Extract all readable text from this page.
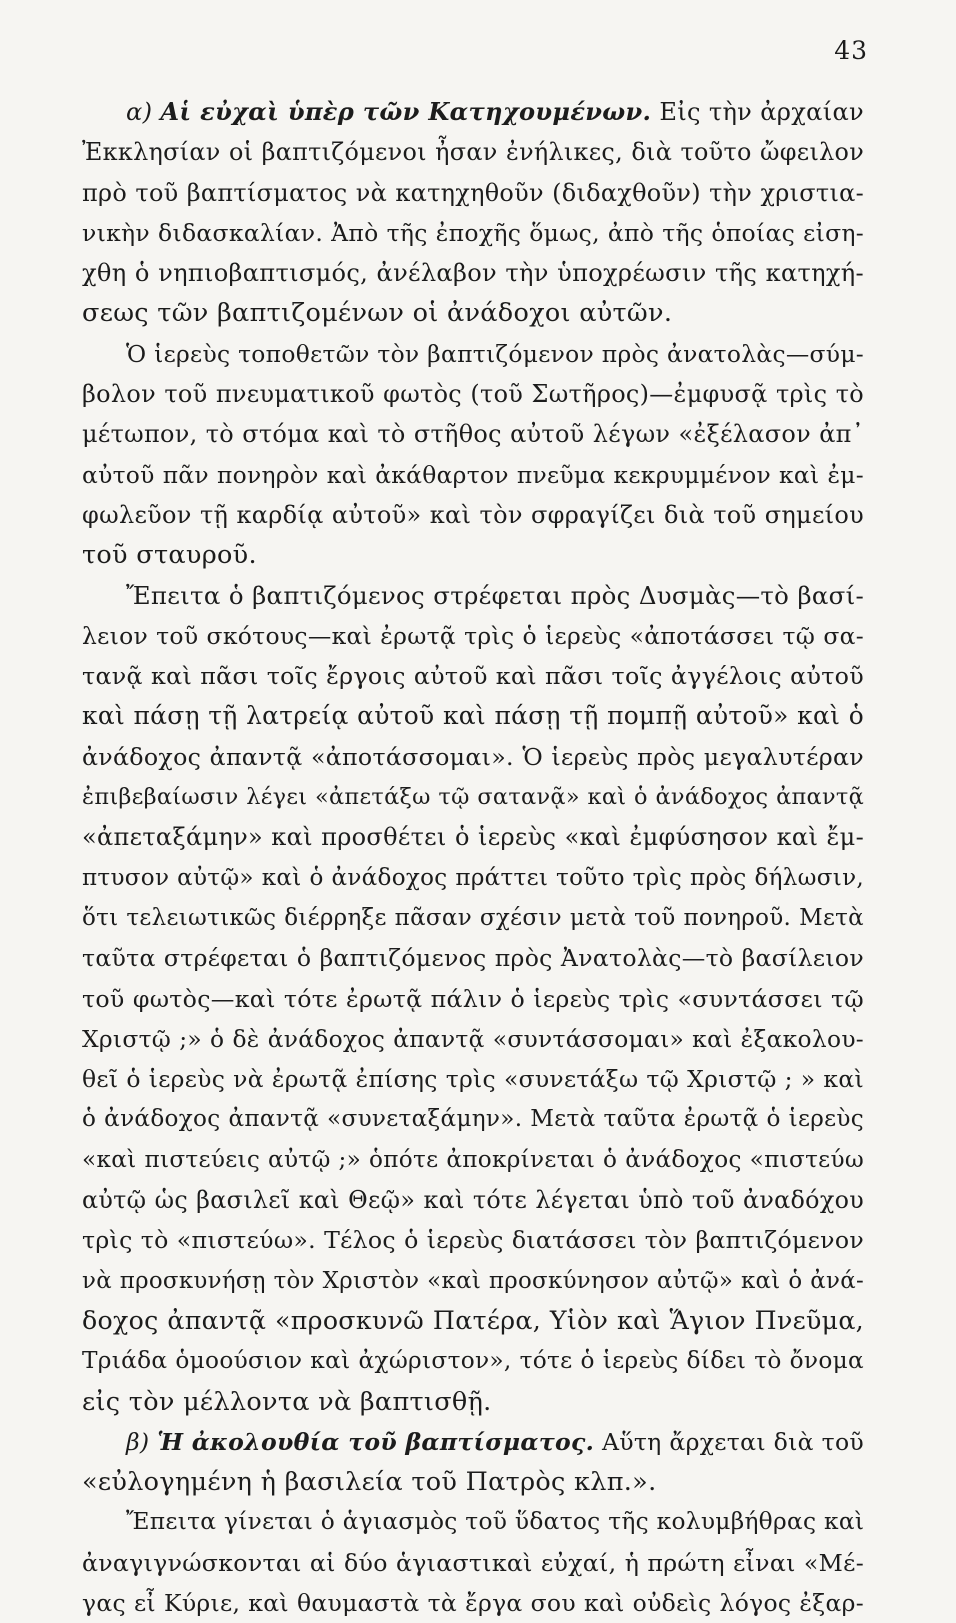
43
α) Αἱ εὐχαὶ ὑπὲρ τῶν Κατηχουμένων. Εἰς τὴν ἀρχαίαν
Ἐκκλησίαν οἱ βαπτιζόμενοι ἦσαν ἐνήλικες, διὰ τοῦτο ὤφειλον
πρὸ τοῦ βαπτίσματος νὰ κατηχηθοῦν (διδαχθοῦν) τὴν χριστια-
νικὴν διδασκαλίαν. Ἀπὸ τῆς ἐποχῆς ὅμως, ἀπὸ τῆς ὁποίας εἰση-
χθη ὁ νηπιοβαπτισμός, ἀνέλαβον τὴν ὑποχρέωσιν τῆς κατηχή-
σεως τῶν βαπτιζομένων οἱ ἀνάδοχοι αὐτῶν.
Ὁ ἱερεὺς τοποθετῶν τὸν βαπτιζόμενον πρὸς ἀνατολὰς—σύμ-
βολον τοῦ πνευματικοῦ φωτὸς (τοῦ Σωτῆρος)—ἐμφυσᾷ τρὶς τὸ
μέτωπον, τὸ στόμα καὶ τὸ στῆθος αὐτοῦ λέγων «ἐξέλασον ἀπ᾿
αὐτοῦ πᾶν πονηρὸν καὶ ἀκάθαρτον πνεῦμα κεκρυμμένον καὶ ἐμ-
φωλεῦον τῇ καρδίᾳ αὐτοῦ» καὶ τὸν σφραγίζει διὰ τοῦ σημείου
τοῦ σταυροῦ.
Ἔπειτα ὁ βαπτιζόμενος στρέφεται πρὸς Δυσμὰς—τὸ βασί-
λειον τοῦ σκότους—καὶ ἐρωτᾷ τρὶς ὁ ἱερεὺς «ἀποτάσσει τῷ σα-
τανᾷ καὶ πᾶσι τοῖς ἔργοις αὐτοῦ καὶ πᾶσι τοῖς ἀγγέλοις αὐτοῦ
καὶ πάσῃ τῇ λατρείᾳ αὐτοῦ καὶ πάσῃ τῇ πομπῇ αὐτοῦ» καὶ ὁ
ἀνάδοχος ἀπαντᾷ «ἀποτάσσομαι». Ὁ ἱερεὺς πρὸς μεγαλυτέραν
ἐπιβεβαίωσιν λέγει «ἀπετάξω τῷ σατανᾷ» καὶ ὁ ἀνάδοχος ἀπαντᾷ
«ἀπεταξάμην» καὶ προσθέτει ὁ ἱερεὺς «καὶ ἐμφύσησον καὶ ἔμ-
πτυσον αὐτῷ» καὶ ὁ ἀνάδοχος πράττει τοῦτο τρὶς πρὸς δήλωσιν,
ὅτι τελειωτικῶς διέρρηξε πᾶσαν σχέσιν μετὰ τοῦ πονηροῦ. Μετὰ
ταῦτα στρέφεται ὁ βαπτιζόμενος πρὸς Ἀνατολὰς—τὸ βασίλειον
τοῦ φωτὸς—καὶ τότε ἐρωτᾷ πάλιν ὁ ἱερεὺς τρὶς «συντάσσει τῷ
Χριστῷ ;» ὁ δὲ ἀνάδοχος ἀπαντᾷ «συντάσσομαι» καὶ ἐξακολου-
θεῖ ὁ ἱερεὺς νὰ ἐρωτᾷ ἐπίσης τρὶς «συνετάξω τῷ Χριστῷ ; » καὶ
ὁ ἀνάδοχος ἀπαντᾷ «συνεταξάμην». Μετὰ ταῦτα ἐρωτᾷ ὁ ἱερεὺς
«καὶ πιστεύεις αὐτῷ ;» ὁπότε ἀποκρίνεται ὁ ἀνάδοχος «πιστεύω
αὐτῷ ὡς βασιλεῖ καὶ Θεῷ» καὶ τότε λέγεται ὑπὸ τοῦ ἀναδόχου
τρὶς τὸ «πιστεύω». Τέλος ὁ ἱερεὺς διατάσσει τὸν βαπτιζόμενον
νὰ προσκυνήσῃ τὸν Χριστὸν «καὶ προσκύνησον αὐτῷ» καὶ ὁ ἀνά-
δοχος ἀπαντᾷ «προσκυνῶ Πατέρα, Υἱὸν καὶ Ἅγιον Πνεῦμα,
Τριάδα ὁμοούσιον καὶ ἀχώριστον», τότε ὁ ἱερεὺς δίδει τὸ ὄνομα
εἰς τὸν μέλλοντα νὰ βαπτισθῇ.
β) Ἡ ἀκολουθία τοῦ βαπτίσματος. Αὕτη ἄρχεται διὰ τοῦ
«εὐλογημένη ἡ βασιλεία τοῦ Πατρὸς κλπ.».
Ἔπειτα γίνεται ὁ ἁγιασμὸς τοῦ ὕδατος τῆς κολυμβήθρας καὶ
ἀναγιγνώσκονται αἱ δύο ἁγιαστικαὶ εὐχαί, ἡ πρώτη εἶναι «Μέ-
γας εἶ Κύριε, καὶ θαυμαστὰ τὰ ἔργα σου καὶ οὐδεὶς λόγος ἐξαρ-
